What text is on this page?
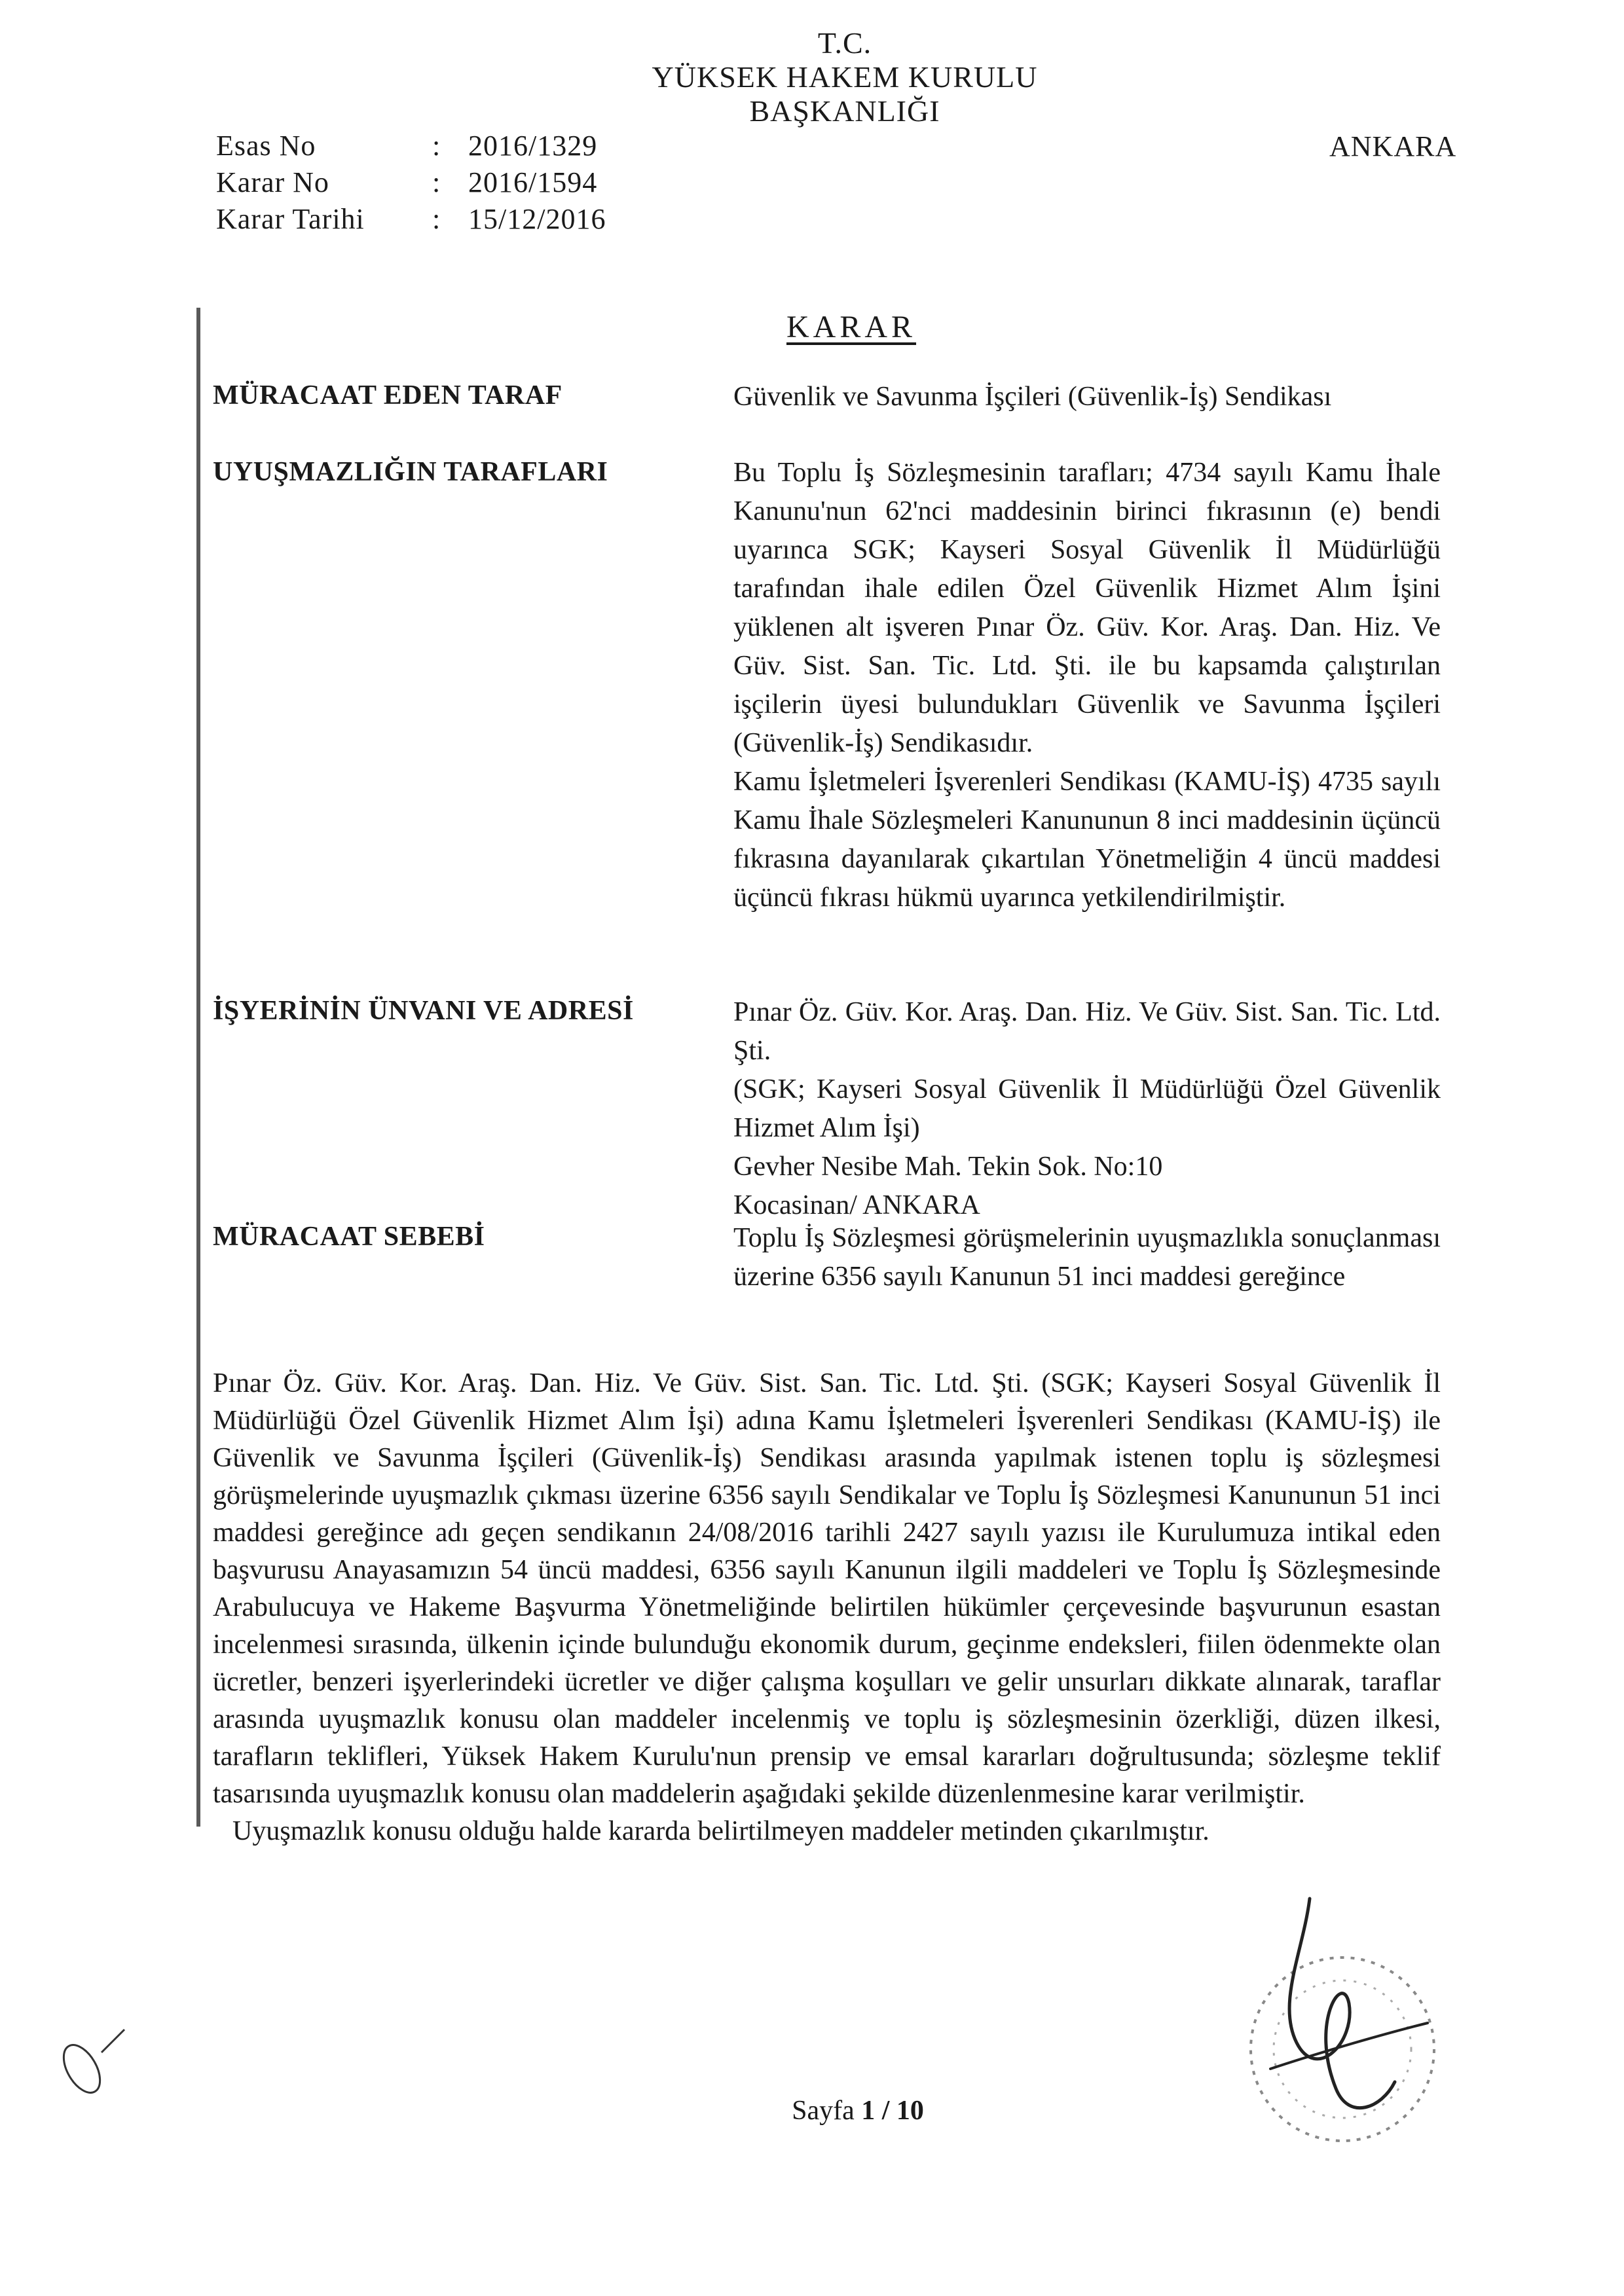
T.C.
YÜKSEK HAKEM KURULU
BAŞKANLIĞI
ANKARA
Esas No	: 2016/1329
Karar No	: 2016/1594
Karar Tarihi : 15/12/2016
KARAR
MÜRACAAT EDEN TARAF
UYUŞMAZLIĞIN TARAFLARI
İŞYERİNİN ÜNVANI VE ADRESİ
MÜRACAAT SEBEBİ

Güvenlik ve Savunma İşçileri (Güvenlik-İş) Sendikası

Bu Toplu İş Sözleşmesinin tarafları; 4734 sayılı Kamu İhale Kanunu'nun 62'nci maddesinin birinci fıkrasının (e) bendi uyarınca SGK; Kayseri Sosyal Güvenlik İl Müdürlüğü tarafından ihale edilen Özel Güvenlik Hizmet Alım İşini yüklenen alt işveren Pınar Öz. Güv. Kor. Araş. Dan. Hiz. Ve Güv. Sist. San. Tic. Ltd. Şti. ile bu kapsamda çalıştırılan işçilerin üyesi bulundukları Güvenlik ve Savunma İşçileri (Güvenlik-İş) Sendikasıdır.

Kamu İşletmeleri İşverenleri Sendikası (KAMU-İŞ) 4735 sayılı Kamu İhale Sözleşmeleri Kanununun 8 inci maddesinin üçüncü fıkrasına dayanılarak çıkartılan Yönetmeliğin 4 üncü maddesi üçüncü fıkrası hükmü uyarınca yetkilendirilmiştir.

Pınar Öz. Güv. Kor. Araş. Dan. Hiz. Ve Güv. Sist. San. Tic. Ltd. Şti.

(SGK; Kayseri Sosyal Güvenlik İl Müdürlüğü Özel Güvenlik Hizmet Alım İşi)

Gevher Nesibe Mah. Tekin Sok. No:10

Kocasinan/ ANKARA

Toplu İş Sözleşmesi görüşmelerinin uyuşmazlıkla sonuçlanması üzerine 6356 sayılı Kanunun 51 inci maddesi gereğince

Pınar Öz. Güv. Kor. Araş. Dan. Hiz. Ve Güv. Sist. San. Tic. Ltd. Şti. (SGK; Kayseri Sosyal Güvenlik İl Müdürlüğü Özel Güvenlik Hizmet Alım İşi) adına Kamu İşletmeleri İşverenleri Sendikası (KAMU-İŞ) ile Güvenlik ve Savunma İşçileri (Güvenlik-İş) Sendikası arasında yapılmak istenen toplu iş sözleşmesi görüşmelerinde uyuşmazlık çıkması üzerine 6356 sayılı Sendikalar ve Toplu İş Sözleşmesi Kanununun 51 inci maddesi gereğince adı geçen sendikanın 24/08/2016 tarihli 2427 sayılı yazısı ile Kurulumuza intikal eden başvurusu Anayasamızın 54 üncü maddesi, 6356 sayılı Kanunun ilgili maddeleri ve Toplu İş Sözleşmesinde Arabulucuya ve Hakeme Başvurma Yönetmeliğinde belirtilen hükümler çerçevesinde başvurunun esastan incelenmesi sırasında, ülkenin içinde bulunduğu ekonomik durum, geçinme endeksleri, fiilen ödenmekte olan ücretler, benzeri işyerlerindeki ücretler ve diğer çalışma koşulları ve gelir unsurları dikkate alınarak, taraflar arasında uyuşmazlık konusu olan maddeler incelenmiş ve toplu iş sözleşmesinin özerkliği, düzen ilkesi, tarafların teklifleri, Yüksek Hakem Kurulu'nun prensip ve emsal kararları doğrultusunda; sözleşme teklif tasarısında uyuşmazlık konusu olan maddelerin aşağıdaki şekilde düzenlenmesine karar verilmiştir.

Uyuşmazlık konusu olduğu halde kararda belirtilmeyen maddeler metinden çıkarılmıştır.

Sayfa 1 / 10
